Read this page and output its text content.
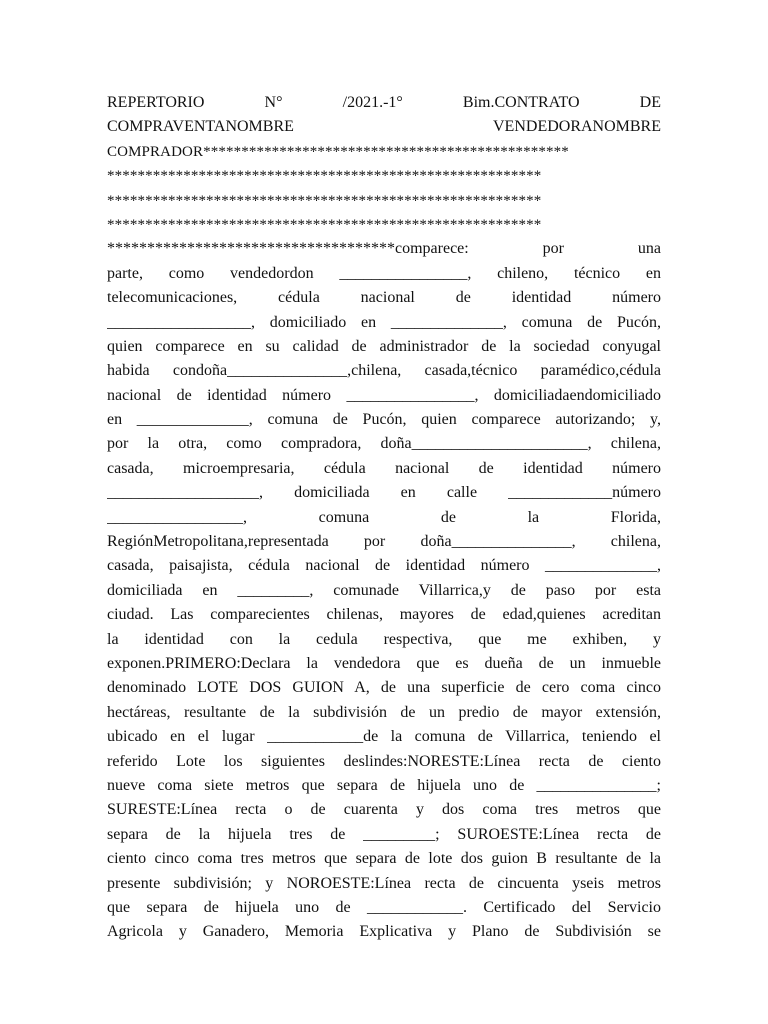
REPERTORIO N° /2021.-1° Bim.CONTRATO DE
COMPRAVENTANOMBRE VENDEDORANOMBRE
COMPRADOR************************************************
*********************************************************
*********************************************************
*********************************************************
************************************comparece: por una
parte, como vendedordon ________________, chileno, técnico en
telecomunicaciones, cédula nacional de identidad número
__________________, domiciliado en ______________, comuna de Pucón,
quien comparece en su calidad de administrador de la sociedad conyugal
habida condoña_______________,chilena, casada,técnico paramédico,cédula
nacional de identidad número ________________, domiciliadaendomiciliado
en ______________, comuna de Pucón, quien comparece autorizando; y,
por la otra, como compradora, doña______________________, chilena,
casada, microempresaria, cédula nacional de identidad número
___________________, domiciliada en calle _____________número
_________________, comuna de la Florida,
RegiónMetropolitana,representada por doña_______________, chilena,
casada, paisajista, cédula nacional de identidad número ______________,
domiciliada en _________, comunade Villarrica,y de paso por esta
ciudad. Las comparecientes chilenas, mayores de edad,quienes acreditan
la identidad con la cedula respectiva, que me exhiben, y
exponen.PRIMERO:Declara la vendedora que es dueña de un inmueble
denominado LOTE DOS GUION A, de una superficie de cero coma cinco
hectáreas, resultante de la subdivisión de un predio de mayor extensión,
ubicado en el lugar ____________de la comuna de Villarrica, teniendo el
referido Lote los siguientes deslindes:NORESTE:Línea recta de ciento
nueve coma siete metros que separa de hijuela uno de _______________;
SURESTE:Línea recta o de cuarenta y dos coma tres metros que
separa de la hijuela tres de _________; SUROESTE:Línea recta de
ciento cinco coma tres metros que separa de lote dos guion B resultante de la
presente subdivisión; y NOROESTE:Línea recta de cincuenta yseis metros
que separa de hijuela uno de ____________. Certificado del Servicio
Agricola y Ganadero, Memoria Explicativa y Plano de Subdivisión se
